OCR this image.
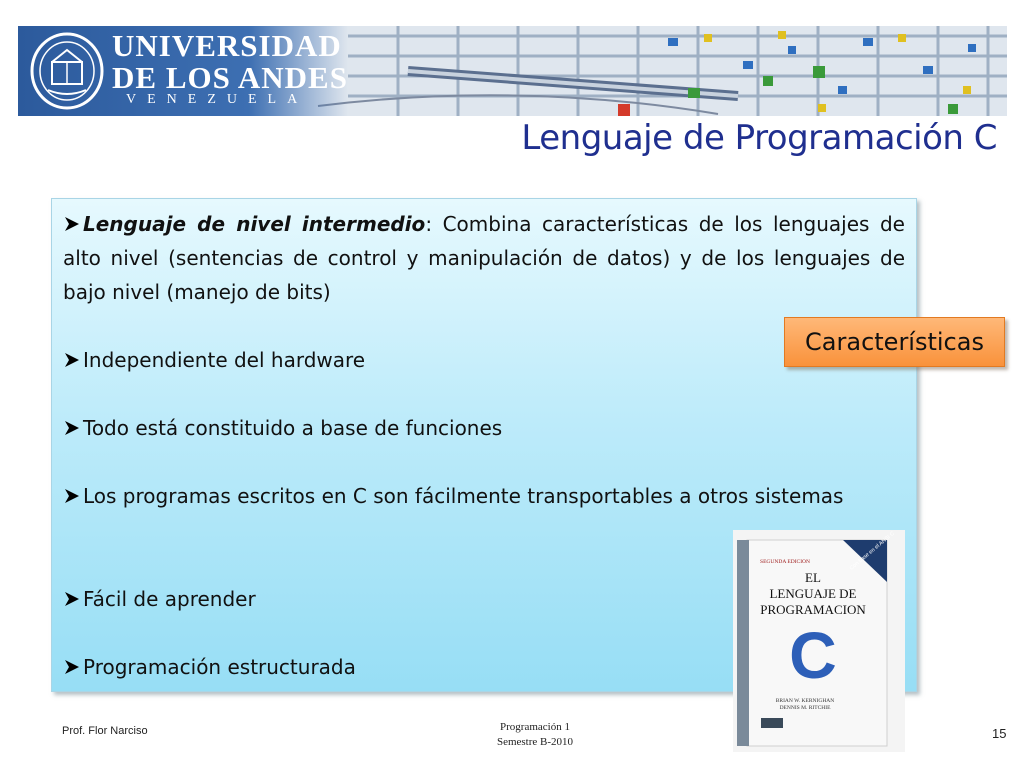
UNIVERSIDAD
DE LOS ANDES
VENEZUELA
Lenguaje de Programación C
Lenguaje de nivel intermedio: Combina características de los lenguajes de alto nivel (sentencias de control y manipulación de datos) y de los lenguajes de bajo nivel (manejo de bits)
Independiente del hardware
Todo está constituido a base de funciones
Los programas escritos en C son fácilmente transportables a otros sistemas
Fácil de aprender
Programación estructurada
Características
Con base en el ANSI C
SEGUNDA EDICION
EL
LENGUAJE DE
PROGRAMACION
C
BRIAN W. KERNIGHAN
DENNIS M. RITCHIE
Prof. Flor Narciso	Programación 1
Semestre B-2010
15
